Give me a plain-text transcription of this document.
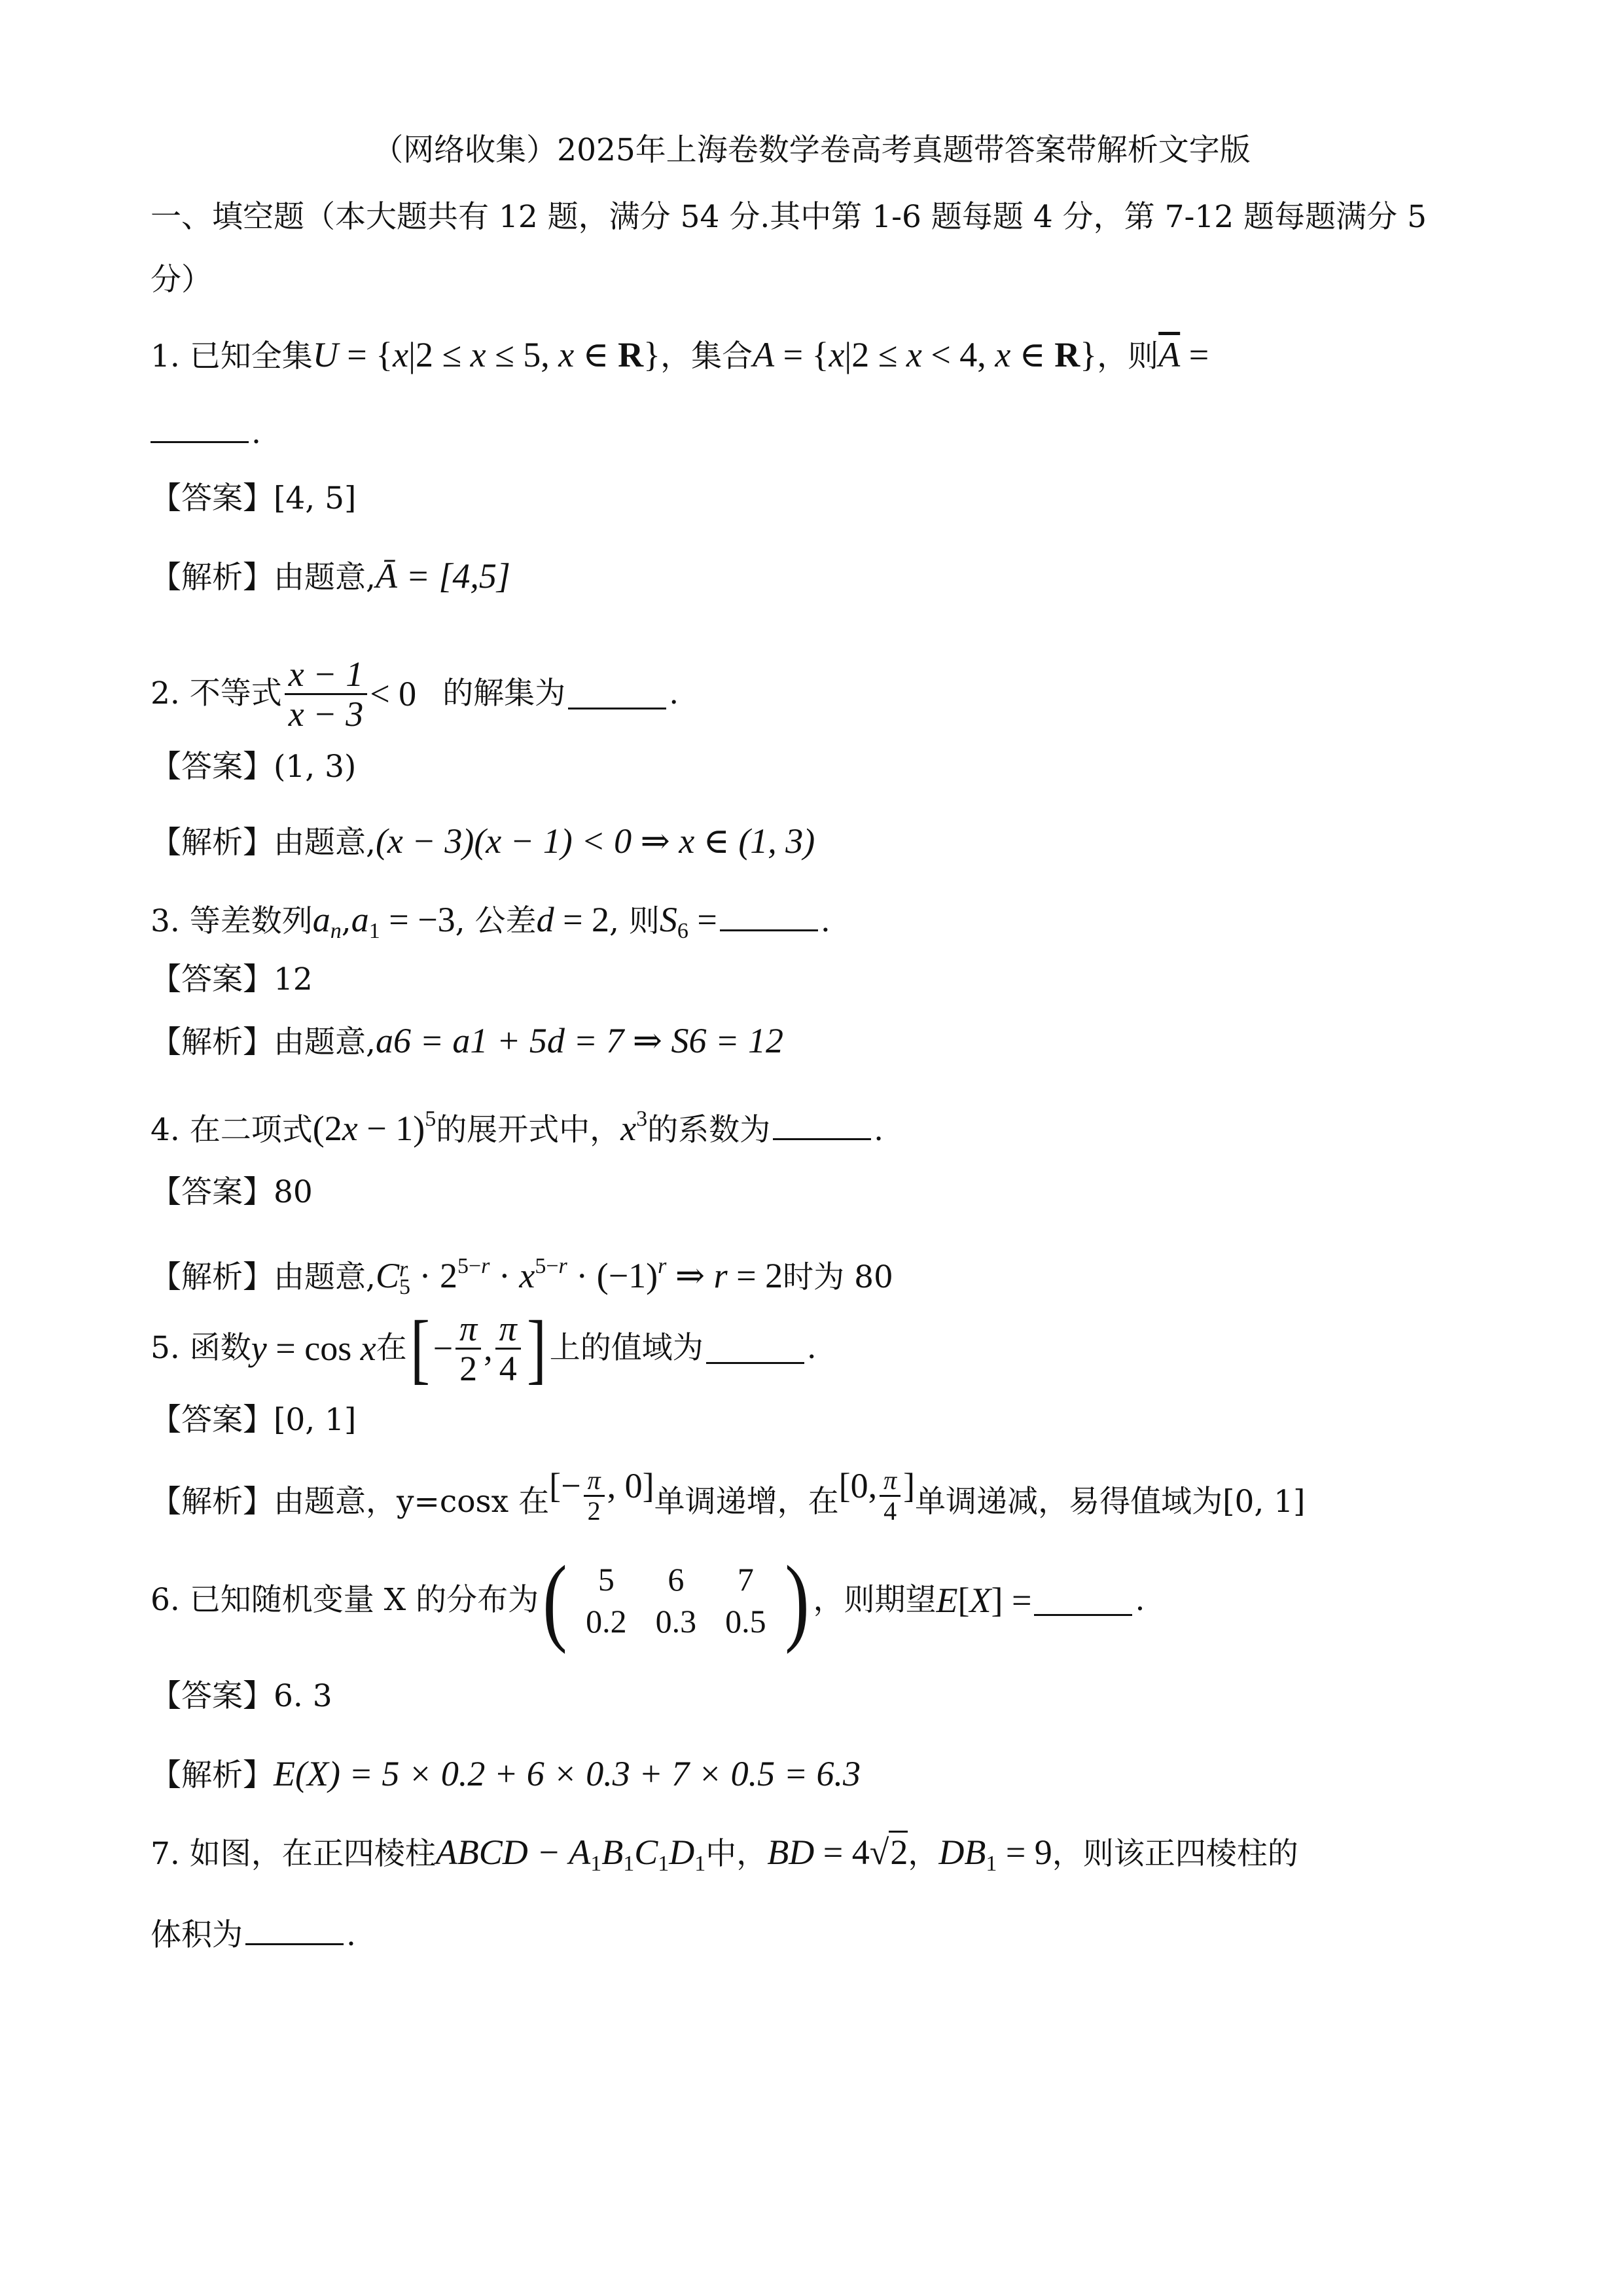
（网络收集）2025年上海卷数学卷高考真题带答案带解析文字版
一、填空题（本大题共有 12 题，满分 54 分.其中第 1-6 题每题 4 分，第 7-12 题每题满分 5
分）
1. 已知全集U = {x|2 ≤ x ≤ 5, x ∈ R}，集合A = {x|2 ≤ x < 4, x ∈ R}，则$\overline{A}$ =
.
【答案】[4, 5]
【解析】由题意,Ā = [4,5]
2. 不等式 $\frac{x - 1}{x - 3} < 0$ 的解集为	.
【答案】(1, 3)
【解析】由题意,(x − 3)(x − 1) < 0 ⇒ x ∈ (1, 3)
3. 等差数列$a_n,a_1 = -3$, 公差d = 2, 则$S_6$ =	.
【答案】12
【解析】由题意,a6 = a1 + 5d = 7 ⇒ S6 = 12
4. 在二项式$(2x - 1)^5$的展开式中，$x^3$的系数为	.
【答案】80
【解析】由题意,C $_{r 5} \cdot 2^{5-r} \cdot x^{5-r} \cdot (-1)^r$ ⇒ r = 2时为 80
5. 函数 y = cos x 在 [ − $\frac{\pi}{2}$ , $\frac{\pi}{4}$ ] 上的值域为	.
【答案】[0, 1]
【解析】 由题意，y=cosx 在 [− $\frac{\pi}{2}$ , 0] 单调递增，在 [0, $\frac{\pi}{4}$ ] 单调递减，易得值域为[0, 1]
6. 已知随机变量 X 的分布为 ( 5	6	7
0.2	0.3	0.5 ) ，则期望 E[X] =	.
【答案】6. 3
【解析】E(X) = 5 × 0.2 + 6 × 0.3 + 7 × 0.5 = 6.3
7. 如图，在正四棱柱ABCD − $A_1B_1C_1D_1$中，BD = 4√2，$DB_1 = 9$，则该正四棱柱的
体积为	.
